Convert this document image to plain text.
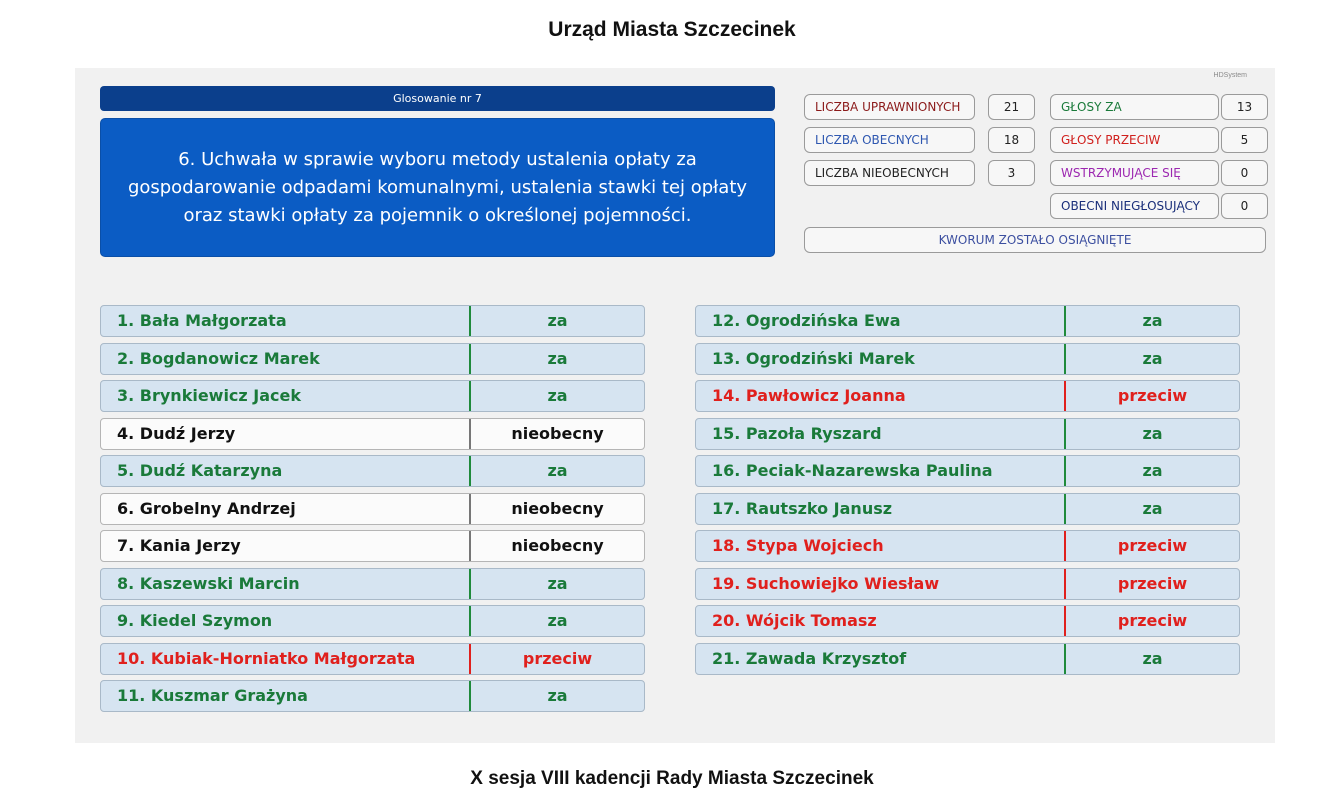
Urząd Miasta Szczecinek
HDSystem
Glosowanie nr 7
6. Uchwała w sprawie wyboru metody ustalenia opłaty za gospodarowanie odpadami komunalnymi, ustalenia stawki tej opłaty oraz stawki opłaty za pojemnik o określonej pojemności.
LICZBA UPRAWNIONYCH	21
LICZBA OBECNYCH	18
LICZBA NIEOBECNYCH	3
GŁOSY ZA	13
GŁOSY PRZECIW	5
WSTRZYMUJĄCE SIĘ	0
OBECNI NIEGŁOSUJĄCY	0
KWORUM ZOSTAŁO OSIĄGNIĘTE
1. Bała Małgorzata	za
2. Bogdanowicz Marek	za
3. Brynkiewicz Jacek	za
4. Dudź Jerzy	nieobecny
5. Dudź Katarzyna	za
6. Grobelny Andrzej	nieobecny
7. Kania Jerzy	nieobecny
8. Kaszewski Marcin	za
9. Kiedel Szymon	za
10. Kubiak-Horniatko Małgorzata	przeciw
11. Kuszmar Grażyna	za
12. Ogrodzińska Ewa	za
13. Ogrodziński Marek	za
14. Pawłowicz Joanna	przeciw
15. Pazoła Ryszard	za
16. Peciak-Nazarewska Paulina	za
17. Rautszko Janusz	za
18. Stypa Wojciech	przeciw
19. Suchowiejko Wiesław	przeciw
20. Wójcik Tomasz	przeciw
21. Zawada Krzysztof	za
X sesja VIII kadencji Rady Miasta Szczecinek
